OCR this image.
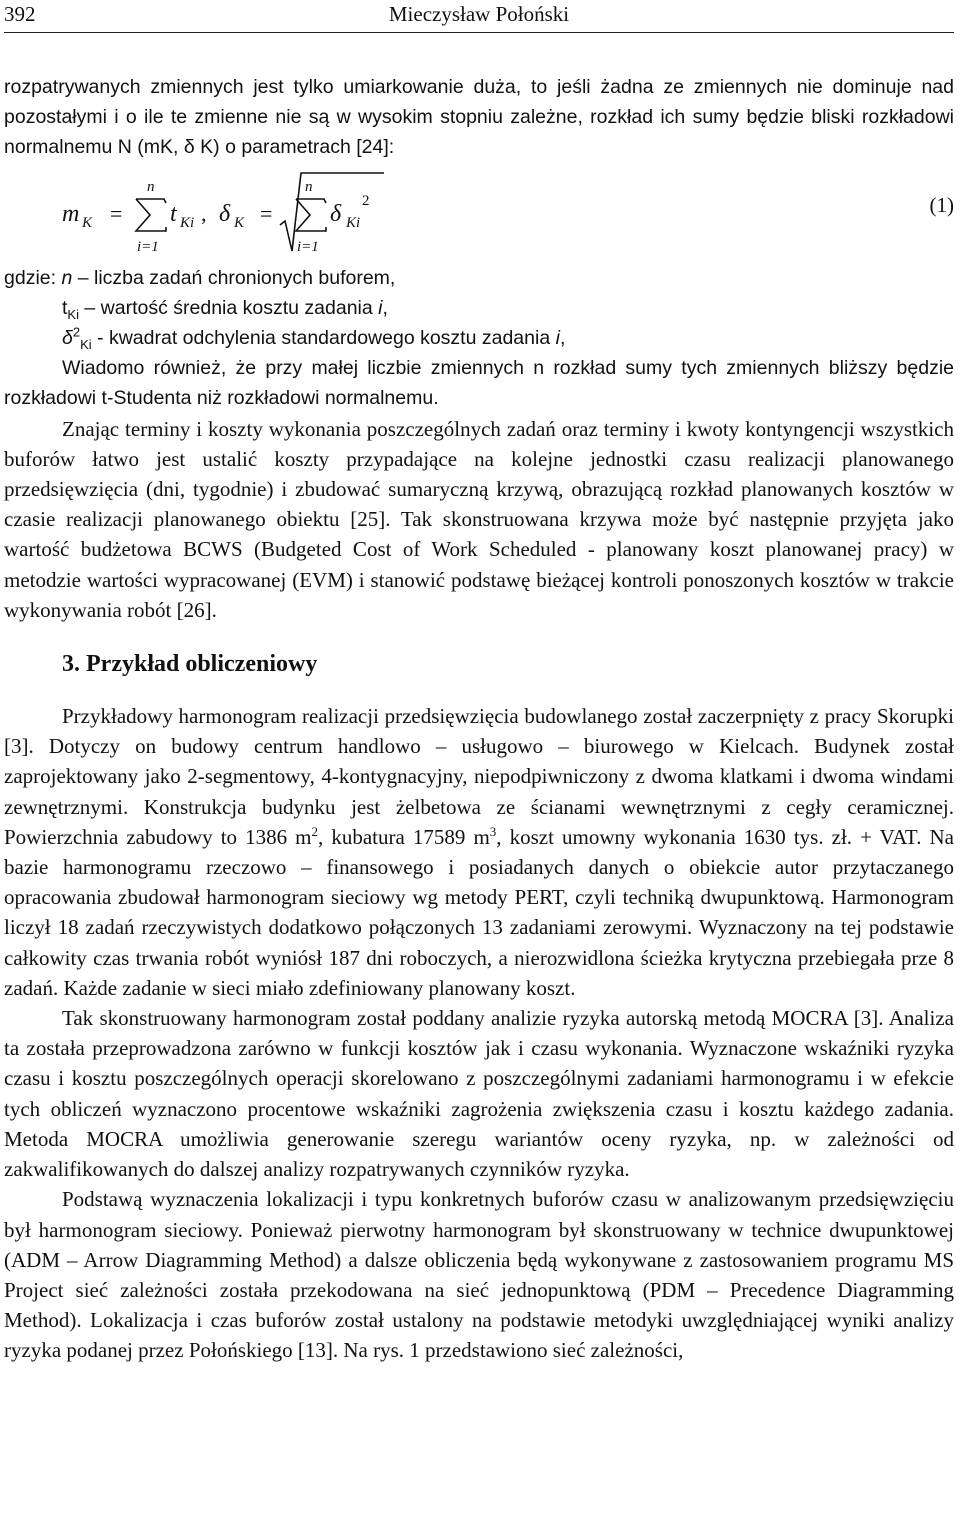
392	Mieczysław Połoński

rozpatrywanych zmiennych jest tylko umiarkowanie duża, to jeśli żadna ze zmiennych nie dominuje nad pozostałymi i o ile te zmienne nie są w wysokim stopniu zależne, rozkład ich sumy będzie bliski rozkładowi normalnemu N (mK, δ K) o parametrach [24]:

m K =
n
i=1
t Ki , δ K =
n
i=1
δ Ki
2	(1)
gdzie: n – liczba zadań chronionych buforem,
$t_{Ki}$ – wartość średnia kosztu zadania i,
$\delta^2_{Ki}$ - kwadrat odchylenia standardowego kosztu zadania i,

Wiadomo również, że przy małej liczbie zmiennych n rozkład sumy tych zmiennych bliższy będzie rozkładowi t-Studenta niż rozkładowi normalnemu.

Znając terminy i koszty wykonania poszczególnych zadań oraz terminy i kwoty kontyngencji wszystkich buforów łatwo jest ustalić koszty przypadające na kolejne jednostki czasu realizacji planowanego przedsięwzięcia (dni, tygodnie) i zbudować sumaryczną krzywą, obrazującą rozkład planowanych kosztów w czasie realizacji planowanego obiektu [25]. Tak skonstruowana krzywa może być następnie przyjęta jako wartość budżetowa BCWS (Budgeted Cost of Work Scheduled - planowany koszt planowanej pracy) w metodzie wartości wypracowanej (EVM) i stanowić podstawę bieżącej kontroli ponoszonych kosztów w trakcie wykonywania robót [26].

3. Przykład obliczeniowy

Przykładowy harmonogram realizacji przedsięwzięcia budowlanego został zaczerpnięty z pracy Skorupki [3]. Dotyczy on budowy centrum handlowo – usługowo – biurowego w Kielcach. Budynek został zaprojektowany jako 2-segmentowy, 4-kontygnacyjny, niepodpiwniczony z dwoma klatkami i dwoma windami zewnętrznymi. Konstrukcja budynku jest żelbetowa ze ścianami wewnętrznymi z cegły ceramicznej. Powierzchnia zabudowy to 1386 $m^2$, kubatura 17589 $m^3$, koszt umowny wykonania 1630 tys. zł. + VAT. Na bazie harmonogramu rzeczowo – finansowego i posiadanych danych o obiekcie autor przytaczanego opracowania zbudował harmonogram sieciowy wg metody PERT, czyli techniką dwupunktową. Harmonogram liczył 18 zadań rzeczywistych dodatkowo połączonych 13 zadaniami zerowymi. Wyznaczony na tej podstawie całkowity czas trwania robót wyniósł 187 dni roboczych, a nierozwidlona ścieżka krytyczna przebiegała prze 8 zadań. Każde zadanie w sieci miało zdefiniowany planowany koszt.

Tak skonstruowany harmonogram został poddany analizie ryzyka autorską metodą MOCRA [3]. Analiza ta została przeprowadzona zarówno w funkcji kosztów jak i czasu wykonania. Wyznaczone wskaźniki ryzyka czasu i kosztu poszczególnych operacji skorelowano z poszczególnymi zadaniami harmonogramu i w efekcie tych obliczeń wyznaczono procentowe wskaźniki zagrożenia zwiększenia czasu i kosztu każdego zadania. Metoda MOCRA umożliwia generowanie szeregu wariantów oceny ryzyka, np. w zależności od zakwalifikowanych do dalszej analizy rozpatrywanych czynników ryzyka.

Podstawą wyznaczenia lokalizacji i typu konkretnych buforów czasu w analizowanym przedsięwzięciu był harmonogram sieciowy. Ponieważ pierwotny harmonogram był skonstruowany w technice dwupunktowej (ADM – Arrow Diagramming Method) a dalsze obliczenia będą wykonywane z zastosowaniem programu MS Project sieć zależności została przekodowana na sieć jednopunktową (PDM – Precedence Diagramming Method). Lokalizacja i czas buforów został ustalony na podstawie metodyki uwzględniającej wyniki analizy ryzyka podanej przez Połońskiego [13]. Na rys. 1 przedstawiono sieć zależności,
